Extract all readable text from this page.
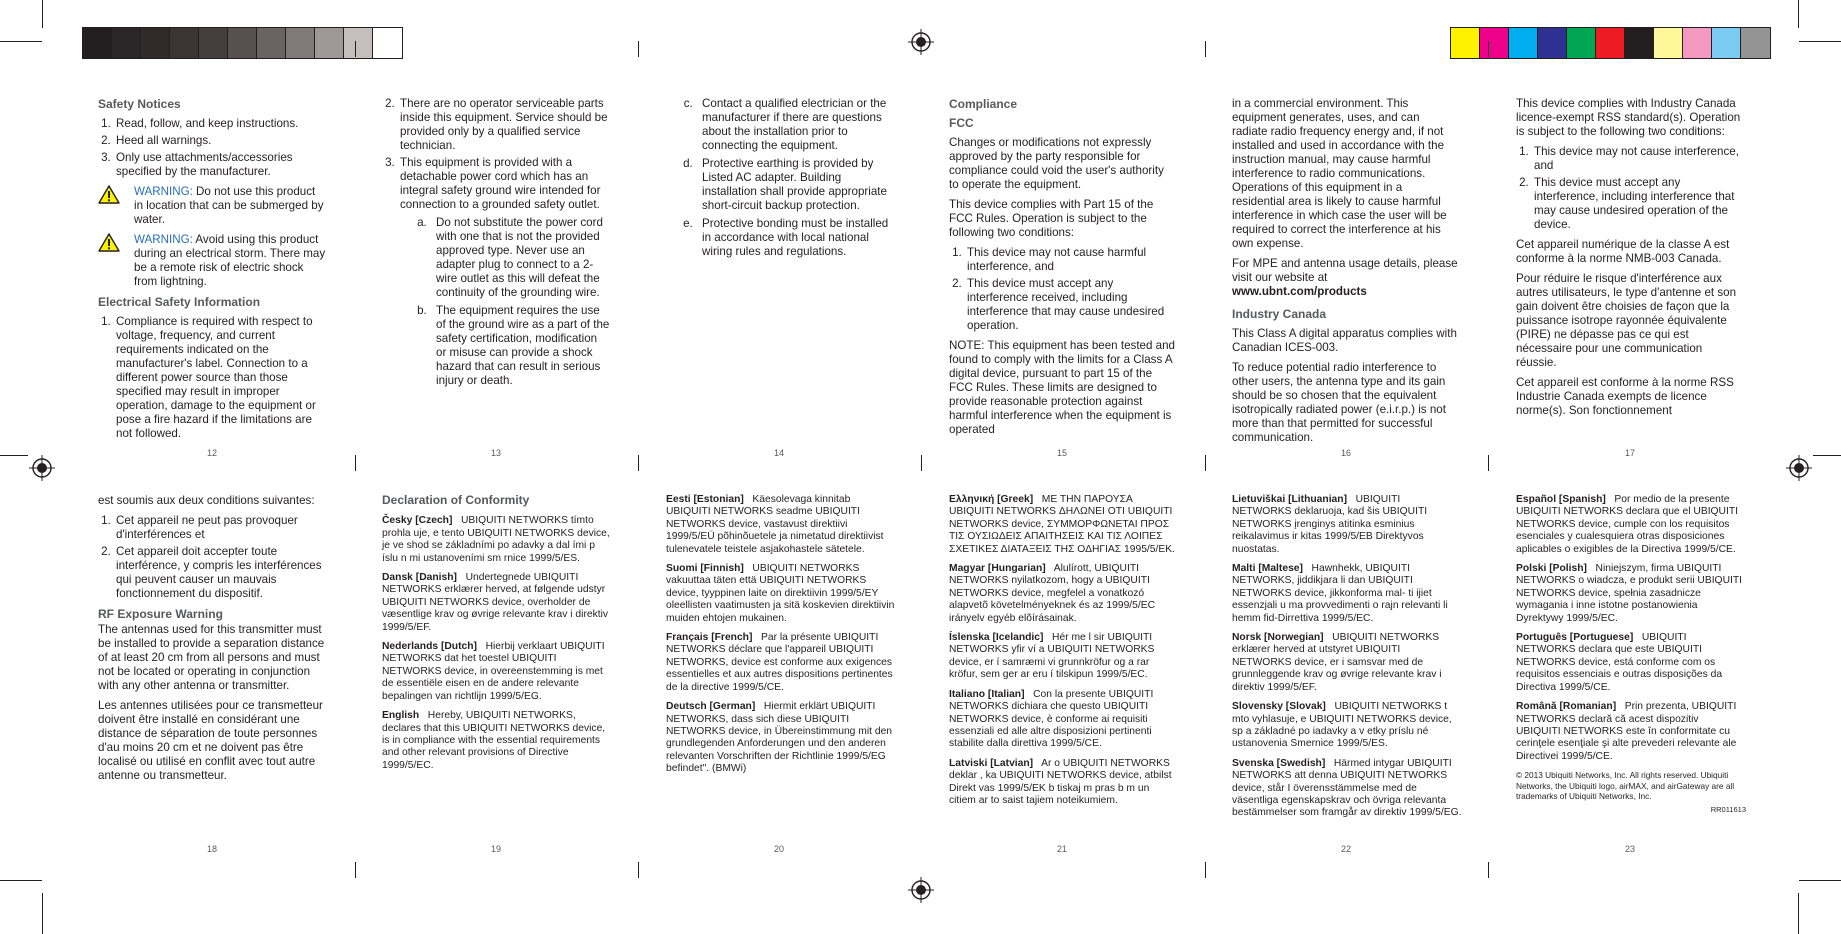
Safety Notices
1. Read, follow, and keep instructions.
2. Heed all warnings.
3. Only use attachments/accessories specified by the manufacturer.
WARNING: Do not use this product in location that can be submerged by water.
WARNING: Avoid using this product during an electrical storm. There may be a remote risk of electric shock from lightning.
Electrical Safety Information
1. Compliance is required with respect to voltage, frequency, and current requirements indicated on the manufacturer's label. Connection to a different power source than those specified may result in improper operation, damage to the equipment or pose a fire hazard if the limitations are not followed.
12
2. There are no operator serviceable parts inside this equipment. Service should be provided only by a qualified service technician.
3. This equipment is provided with a detachable power cord which has an integral safety ground wire intended for connection to a grounded safety outlet.
a. Do not substitute the power cord with one that is not the provided approved type. Never use an adapter plug to connect to a 2-wire outlet as this will defeat the continuity of the grounding wire.
b. The equipment requires the use of the ground wire as a part of the safety certification, modification or misuse can provide a shock hazard that can result in serious injury or death.
13
c. Contact a qualified electrician or the manufacturer if there are questions about the installation prior to connecting the equipment.
d. Protective earthing is provided by Listed AC adapter. Building installation shall provide appropriate short-circuit backup protection.
e. Protective bonding must be installed in accordance with local national wiring rules and regulations.
14
Compliance
FCC

Changes or modifications not expressly approved by the party responsible for compliance could void the user's authority to operate the equipment.

This device complies with Part 15 of the FCC Rules. Operation is subject to the following two conditions:

1. This device may not cause harmful interference, and
2. This device must accept any interference received, including interference that may cause undesired operation.

NOTE: This equipment has been tested and found to comply with the limits for a Class A digital device, pursuant to part 15 of the FCC Rules. These limits are designed to provide reasonable protection against harmful interference when the equipment is operated

15

in a commercial environment. This equipment generates, uses, and can radiate radio frequency energy and, if not installed and used in accordance with the instruction manual, may cause harmful interference to radio communications. Operations of this equipment in a residential area is likely to cause harmful interference in which case the user will be required to correct the interference at his own expense.

For MPE and antenna usage details, please visit our website at www.ubnt.com/products

Industry Canada

This Class A digital apparatus complies with Canadian ICES-003.

To reduce potential radio interference to other users, the antenna type and its gain should be so chosen that the equivalent isotropically radiated power (e.i.r.p.) is not more than that permitted for successful communication.

16

This device complies with Industry Canada licence-exempt RSS standard(s). Operation is subject to the following two conditions:

1. This device may not cause interference, and
2. This device must accept any interference, including interference that may cause undesired operation of the device.

Cet appareil numérique de la classe A est conforme à la norme NMB-003 Canada.

Pour réduire le risque d'interférence aux autres utilisateurs, le type d'antenne et son gain doivent être choisies de façon que la puissance isotrope rayonnée équivalente (PIRE) ne dépasse pas ce qui est nécessaire pour une communication réussie.

Cet appareil est conforme à la norme RSS Industrie Canada exempts de licence norme(s). Son fonctionnement

17

est soumis aux deux conditions suivantes:

1. Cet appareil ne peut pas provoquer d'interférences et
2. Cet appareil doit accepter toute interférence, y compris les interférences qui peuvent causer un mauvais fonctionnement du dispositif.
RF Exposure Warning

The antennas used for this transmitter must be installed to provide a separation distance of at least 20 cm from all persons and must not be located or operating in conjunction with any other antenna or transmitter.

Les antennes utilisées pour ce transmetteur doivent être installé en considérant une distance de séparation de toute personnes d'au moins 20 cm et ne doivent pas être localisé ou utilisé en conflit avec tout autre antenne ou transmetteur.

18
Declaration of Conformity

Česky [Czech] UBIQUITI NETWORKS tímto prohla uje, e tento UBIQUITI NETWORKS device, je ve shod se základními po adavky a dal ími p íslu n mi ustanoveními sm rnice 1999/5/ES.

Dansk [Danish] Undertegnede UBIQUITI NETWORKS erklærer herved, at følgende udstyr UBIQUITI NETWORKS device, overholder de væsentlige krav og øvrige relevante krav i direktiv 1999/5/EF.

Nederlands [Dutch] Hierbij verklaart UBIQUITI NETWORKS dat het toestel UBIQUITI NETWORKS device, in overeenstemming is met de essentiële eisen en de andere relevante bepalingen van richtlijn 1999/5/EG.

English Hereby, UBIQUITI NETWORKS, declares that this UBIQUITI NETWORKS device, is in compliance with the essential requirements and other relevant provisions of Directive 1999/5/EC.

19

Eesti [Estonian] Käesolevaga kinnitab UBIQUITI NETWORKS seadme UBIQUITI NETWORKS device, vastavust direktiivi 1999/5/EÜ põhinõuetele ja nimetatud direktiivist tulenevatele teistele asjakohastele sätetele.

Suomi [Finnish] UBIQUITI NETWORKS vakuuttaa täten että UBIQUITI NETWORKS device, tyyppinen laite on direktiivin 1999/5/EY oleellisten vaatimusten ja sitä koskevien direktiivin muiden ehtojen mukainen.

Français [French] Par la présente UBIQUITI NETWORKS déclare que l'appareil UBIQUITI NETWORKS, device est conforme aux exigences essentielles et aux autres dispositions pertinentes de la directive 1999/5/CE.

Deutsch [German] Hiermit erklärt UBIQUITI NETWORKS, dass sich diese UBIQUITI NETWORKS device, in Übereinstimmung mit den grundlegenden Anforderungen und den anderen relevanten Vorschriften der Richtlinie 1999/5/EG befindet". (BMWi)

20

Ελληνική [Greek] ΜΕ ΤΗΝ ΠΑΡΟΥΣΑ UBIQUITI NETWORKS ΔΗΛΩΝΕΙ ΟΤΙ UBIQUITI NETWORKS device, ΣΥΜΜΟΡΦΩΝΕΤΑΙ ΠΡΟΣ ΤΙΣ ΟΥΣΙΩΔΕΙΣ ΑΠΑΙΤΗΣΕΙΣ ΚΑΙ ΤΙΣ ΛΟΙΠΕΣ ΣΧΕΤΙΚΕΣ ΔΙΑΤΑΞΕΙΣ ΤΗΣ ΟΔΗΓΙΑΣ 1995/5/ΕΚ.

Magyar [Hungarian] Alulírott, UBIQUITI NETWORKS nyilatkozom, hogy a UBIQUITI NETWORKS device, megfelel a vonatkozó alapvetõ követelményeknek és az 1999/5/EC irányelv egyéb elõírásainak.

Íslenska [Icelandic] Hér me l sir UBIQUITI NETWORKS yfir ví a UBIQUITI NETWORKS device, er í samræmi vi grunnkröfur og a rar kröfur, sem ger ar eru í tilskipun 1999/5/EC.

Italiano [Italian] Con la presente UBIQUITI NETWORKS dichiara che questo UBIQUITI NETWORKS device, è conforme ai requisiti essenziali ed alle altre disposizioni pertinenti stabilite dalla direttiva 1999/5/CE.

Latviski [Latvian] Ar o UBIQUITI NETWORKS deklar , ka UBIQUITI NETWORKS device, atbilst Direkt vas 1999/5/EK b tiskaj m pras b m un citiem ar to saist tajiem noteikumiem.

21

Lietuviškai [Lithuanian] UBIQUITI NETWORKS deklaruoja, kad šis UBIQUITI NETWORKS įrenginys atitinka esminius reikalavimus ir kitas 1999/5/EB Direktyvos nuostatas.

Malti [Maltese] Hawnhekk, UBIQUITI NETWORKS, jiddikjara li dan UBIQUITI NETWORKS device, jikkonforma mal- ti ijiet essenzjali u ma provvedimenti o rajn relevanti li hemm fid-Dirrettiva 1999/5/EC.

Norsk [Norwegian] UBIQUITI NETWORKS erklærer herved at utstyret UBIQUITI NETWORKS device, er i samsvar med de grunnleggende krav og øvrige relevante krav i direktiv 1999/5/EF.

Slovensky [Slovak] UBIQUITI NETWORKS t mto vyhlasuje, e UBIQUITI NETWORKS device, sp a základné po iadavky a v etky príslu né ustanovenia Smernice 1999/5/ES.

Svenska [Swedish] Härmed intygar UBIQUITI NETWORKS att denna UBIQUITI NETWORKS device, står I överensstämmelse med de väsentliga egenskapskrav och övriga relevanta bestämmelser som framgår av direktiv 1999/5/EG.

22

Español [Spanish] Por medio de la presente UBIQUITI NETWORKS declara que el UBIQUITI NETWORKS device, cumple con los requisitos esenciales y cualesquiera otras disposiciones aplicables o exigibles de la Directiva 1999/5/CE.

Polski [Polish] Niniejszym, firma UBIQUITI NETWORKS o wiadcza, e produkt serii UBIQUITI NETWORKS device, spełnia zasadnicze wymagania i inne istotne postanowienia Dyrektywy 1999/5/EC.

Português [Portuguese] UBIQUITI NETWORKS declara que este UBIQUITI NETWORKS device, está conforme com os requisitos essenciais e outras disposições da Directiva 1999/5/CE.

Română [Romanian] Prin prezenta, UBIQUITI NETWORKS declară că acest dispozitiv UBIQUITI NETWORKS este în conformitate cu cerinţele esenţiale şi alte prevederi relevante ale Directivei 1999/5/CE.

© 2013 Ubiquiti Networks, Inc. All rights reserved. Ubiquiti Networks, the Ubiquiti logo, airMAX, and airGateway are all trademarks of Ubiquiti Networks, Inc.
RR011613
23
